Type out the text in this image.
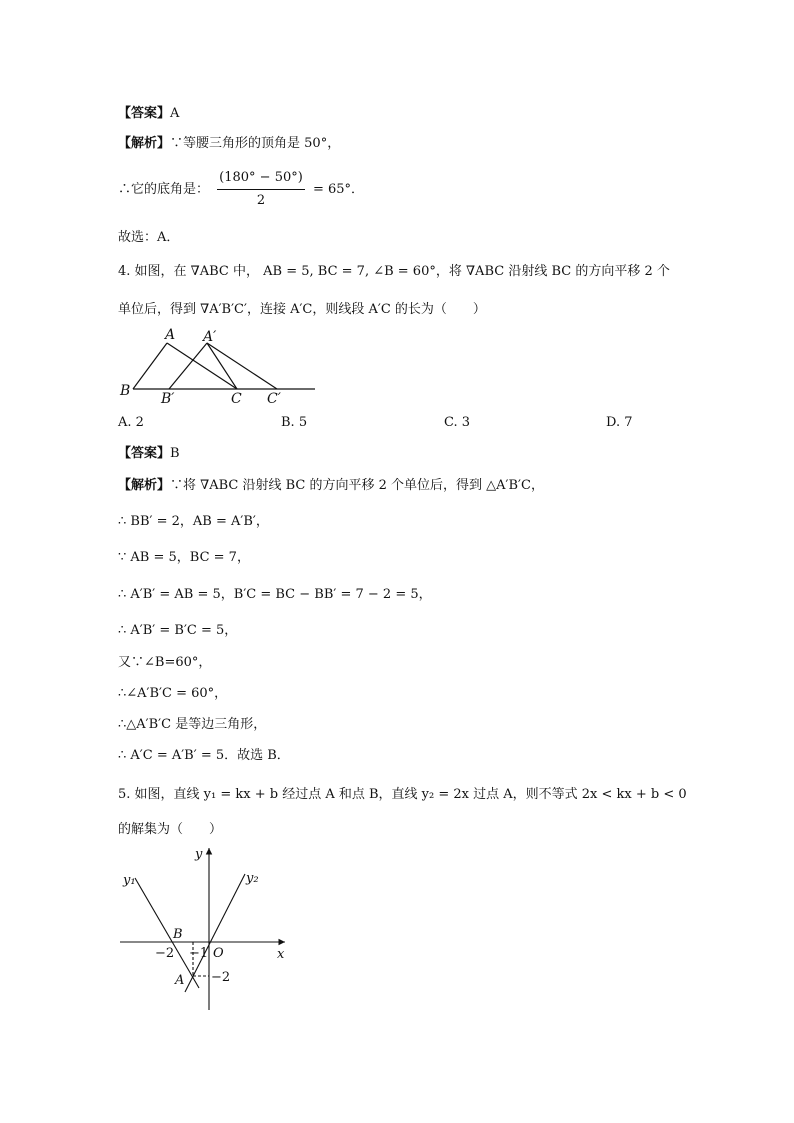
【答案】A
【解析】∵等腰三角形的顶角是 50°，
∴它的底角是： $\frac{(180^\circ - 50^\circ)}{2} = 65^\circ$．
故选：A．
4. 如图，在 ∇ABC 中， AB = 5, BC = 7, ∠B = 60°，将 ∇ABC 沿射线 BC 的方向平移 2 个
单位后，得到 ∇A′B′C′，连接 A′C，则线段 A′C 的长为（　　）
A A′
B B′	C C′
A. 2	B. 5	C. 3	D. 7
【答案】B
【解析】∵将 ∇ABC 沿射线 BC 的方向平移 2 个单位后，得到 △A′B′C，
∴ BB′ = 2，AB = A′B′，
∵ AB = 5，BC = 7，
∴ A′B′ = AB = 5，B′C = BC − BB′ = 7 − 2 = 5，
∴ A′B′ = B′C = 5，
又∵∠B=60°，
∴∠A′B′C = 60°，
∴△A′B′C 是等边三角形，
∴ A′C = A′B′ = 5．故选 B．
5. 如图，直线 y₁ = kx + b 经过点 A 和点 B，直线 y₂ = 2x 过点 A，则不等式 2x < kx + b < 0
的解集为（　　）
y
x
y₁	y₂
B
O
A
−2 −1
−2
